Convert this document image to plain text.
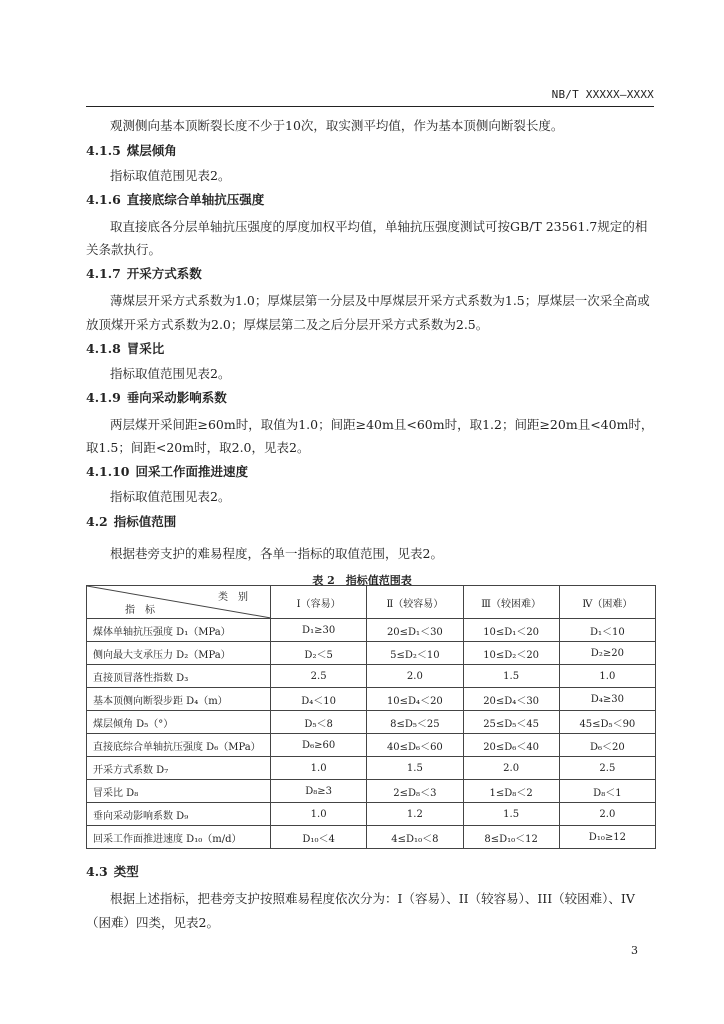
NB/T XXXXX—XXXX
观测侧向基本顶断裂长度不少于10次，取实测平均值，作为基本顶侧向断裂长度。
4.1.5 煤层倾角
指标取值范围见表2。
4.1.6 直接底综合单轴抗压强度
取直接底各分层单轴抗压强度的厚度加权平均值，单轴抗压强度测试可按GB/T 23561.7规定的相关条款执行。
4.1.7 开采方式系数
薄煤层开采方式系数为1.0；厚煤层第一分层及中厚煤层开采方式系数为1.5；厚煤层一次采全高或放顶煤开采方式系数为2.0；厚煤层第二及之后分层开采方式系数为2.5。
4.1.8 冒采比
指标取值范围见表2。
4.1.9 垂向采动影响系数
两层煤开采间距≥60m时，取值为1.0；间距≥40m且<60m时，取1.2；间距≥20m且<40m时，取1.5；间距<20m时，取2.0，见表2。
4.1.10 回采工作面推进速度
指标取值范围见表2。
4.2 指标值范围
根据巷旁支护的难易程度，各单一指标的取值范围，见表2。
表 2　指标值范围表
类　别
指　标	Ⅰ（容易）	Ⅱ（较容易）	Ⅲ（较困难）	Ⅳ（困难）
煤体单轴抗压强度 D₁（MPa）	D₁≥30	20≤D₁＜30	10≤D₁＜20	D₁＜10
侧向最大支承压力 D₂（MPa）	D₂＜5	5≤D₂＜10	10≤D₂＜20	D₂≥20
直接顶冒落性指数 D₃	2.5	2.0	1.5	1.0
基本顶侧向断裂步距 D₄（m）	D₄＜10	10≤D₄＜20	20≤D₄＜30	D₄≥30
煤层倾角 D₅（°）	D₅＜8	8≤D₅＜25	25≤D₅＜45	45≤D₅＜90
直接底综合单轴抗压强度 D₆（MPa）	D₆≥60	40≤D₆＜60	20≤D₆＜40	D₆＜20
开采方式系数 D₇	1.0	1.5	2.0	2.5
冒采比 D₈	D₈≥3	2≤D₈＜3	1≤D₈＜2	D₈＜1
垂向采动影响系数 D₉	1.0	1.2	1.5	2.0
回采工作面推进速度 D₁₀（m/d）	D₁₀＜4	4≤D₁₀＜8	8≤D₁₀＜12	D₁₀≥12
4.3 类型
根据上述指标，把巷旁支护按照难易程度依次分为：I（容易）、II（较容易）、III（较困难）、IV（困难）四类，见表2。
3
